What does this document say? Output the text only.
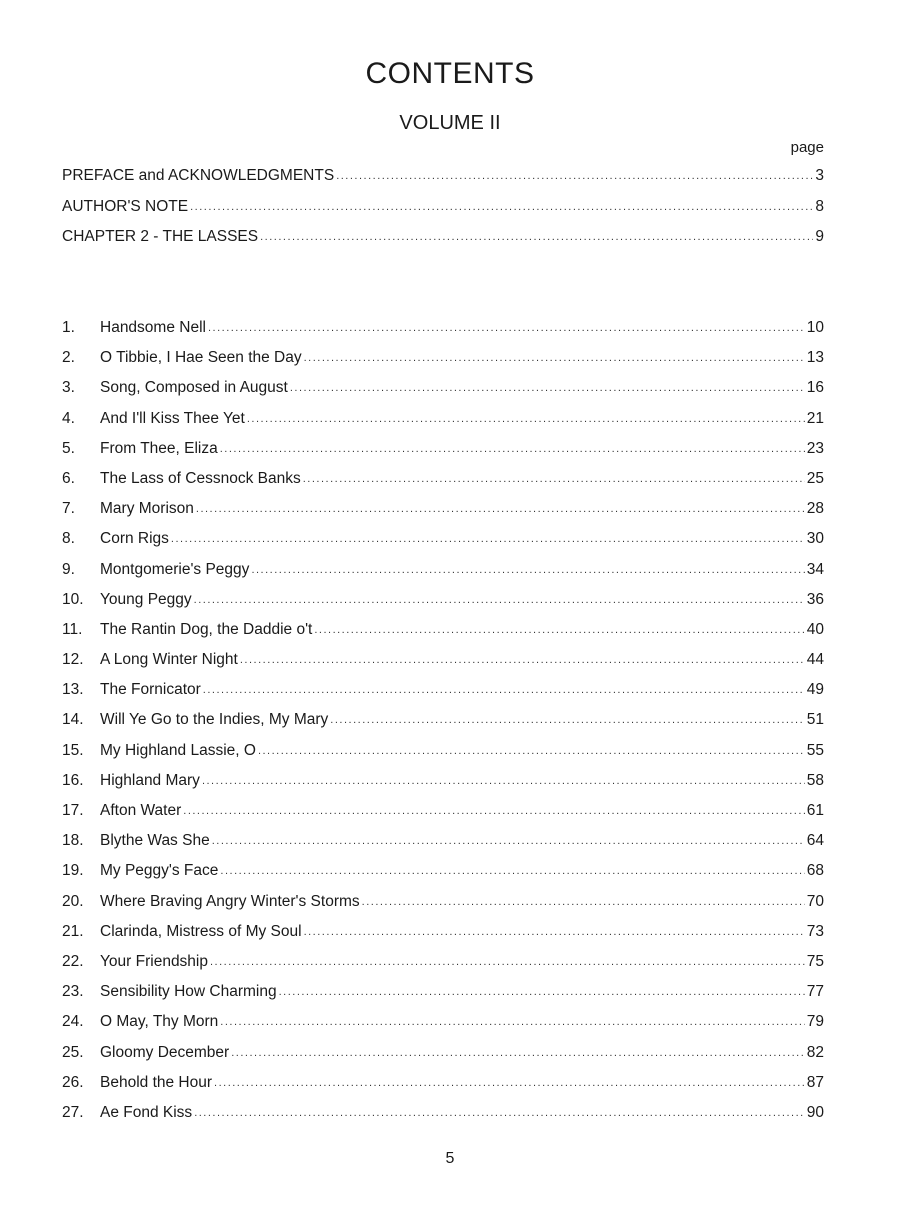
CONTENTS
VOLUME II
page
PREFACE and ACKNOWLEDGMENTS .....	3
AUTHOR'S NOTE .....	8
CHAPTER 2 - THE LASSES .....	9
1.	Handsome Nell .....	10
2.	O Tibbie, I Hae Seen the Day .....	13
3.	Song, Composed in August .....	16
4.	And I'll Kiss Thee Yet .....	21
5.	From Thee, Eliza .....	23
6.	The Lass of Cessnock Banks .....	25
7.	Mary Morison .....	28
8.	Corn Rigs .....	30
9.	Montgomerie's Peggy .....	34
10.	Young Peggy .....	36
11.	The Rantin Dog, the Daddie o't .....	40
12.	A Long Winter Night .....	44
13.	The Fornicator .....	49
14.	Will Ye Go to the Indies, My Mary .....	51
15.	My Highland Lassie, O .....	55
16.	Highland Mary .....	58
17.	Afton Water .....	61
18.	Blythe Was She .....	64
19.	My Peggy's Face .....	68
20.	Where Braving Angry Winter's Storms .....	70
21.	Clarinda, Mistress of My Soul .....	73
22.	Your Friendship .....	75
23.	Sensibility How Charming .....	77
24.	O May, Thy Morn .....	79
25.	Gloomy December .....	82
26.	Behold the Hour .....	87
27.	Ae Fond Kiss .....	90
5
